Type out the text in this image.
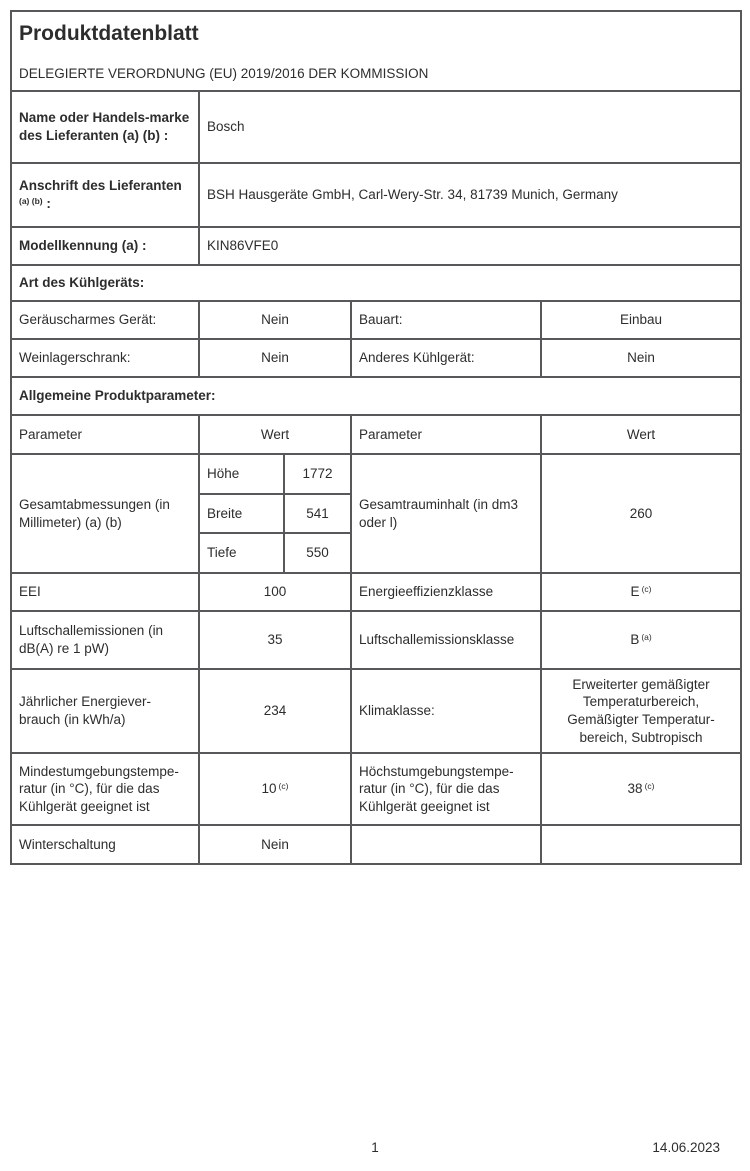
Produktdatenblatt
DELEGIERTE VERORDNUNG (EU) 2019/2016 DER KOMMISSION				

Name oder Handels-marke des Lieferanten (a) (b) :	Bosch			
Anschrift des Lieferanten $^{(a) (b)}$ :	BSH Hausgeräte GmbH, Carl-Wery-Str. 34, 81739 Munich, Germany			
Modellkennung (a) :	KIN86VFE0			
Art des Kühlgeräts:				
Geräuscharmes Gerät:	Nein		Bauart:	Einbau
Weinlagerschrank:	Nein		Anderes Kühlgerät:	Nein
Allgemeine Produktparameter:				
Parameter	Wert		Parameter	Wert
Gesamtabmessungen (in Millimeter) (a) (b)	Höhe	1772	Gesamtrauminhalt (in dm3 oder l)	260
	Breite	541		
	Tiefe	550		
EEI	100		Energieeffizienzklasse	E $^{(c)}$
Luftschallemissionen (in dB(A) re 1 pW)	35		Luftschallemissionsklasse	B $^{(a)}$
Jährlicher Energiever-brauch (in kWh/a)	234		Klimaklasse:	Erweiterter gemäßigter Temperaturbereich, Gemäßigter Temperatur-bereich, Subtropisch
Mindestumgebungstempe-ratur (in °C), für die das Kühlgerät geeignet ist	10 $^{(c)}$		Höchstumgebungstempe-ratur (in °C), für die das Kühlgerät geeignet ist	38 $^{(c)}$
Winterschaltung	Nein			
1	14.06.2023
